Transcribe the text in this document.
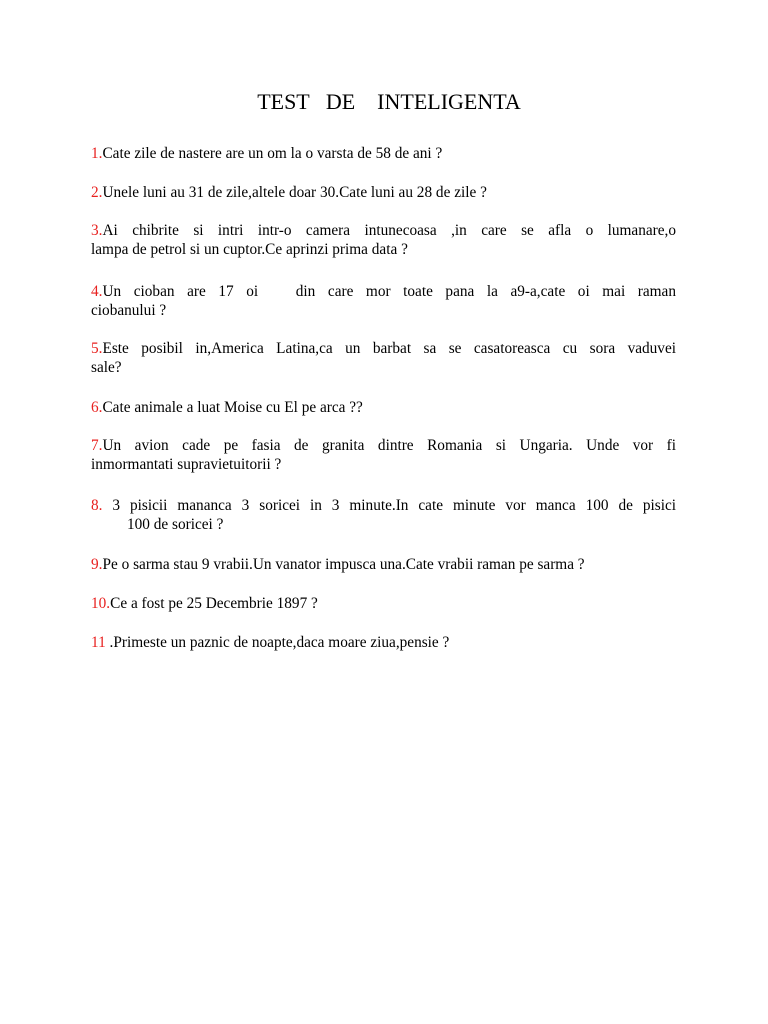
TEST   DE    INTELIGENTA

1.Cate zile de nastere are un om la o varsta de 58 de ani ?

2.Unele luni au 31 de zile,altele doar 30.Cate luni au 28 de zile ?

3.Ai chibrite si intri intr-o camera intunecoasa ,in care se afla o lumanare,o
lampa de petrol si un cuptor.Ce aprinzi prima data ?

4.Un cioban are 17 oi   din care mor toate pana la a9-a,cate oi mai raman
ciobanului ?

5.Este posibil in,America Latina,ca un barbat sa se casatoreasca cu sora vaduvei
sale?

6.Cate animale a luat Moise cu El pe arca ??

7.Un avion cade pe fasia de granita dintre Romania si Ungaria. Unde vor fi
inmormantati supravietuitorii ?

8. 3 pisicii mananca 3 soricei in 3 minute.In cate minute vor manca 100 de pisici
100 de soricei ?

9.Pe o sarma stau 9 vrabii.Un vanator impusca una.Cate vrabii raman pe sarma ?

10.Ce a fost pe 25 Decembrie 1897 ?

11 .Primeste un paznic de noapte,daca moare ziua,pensie ?
